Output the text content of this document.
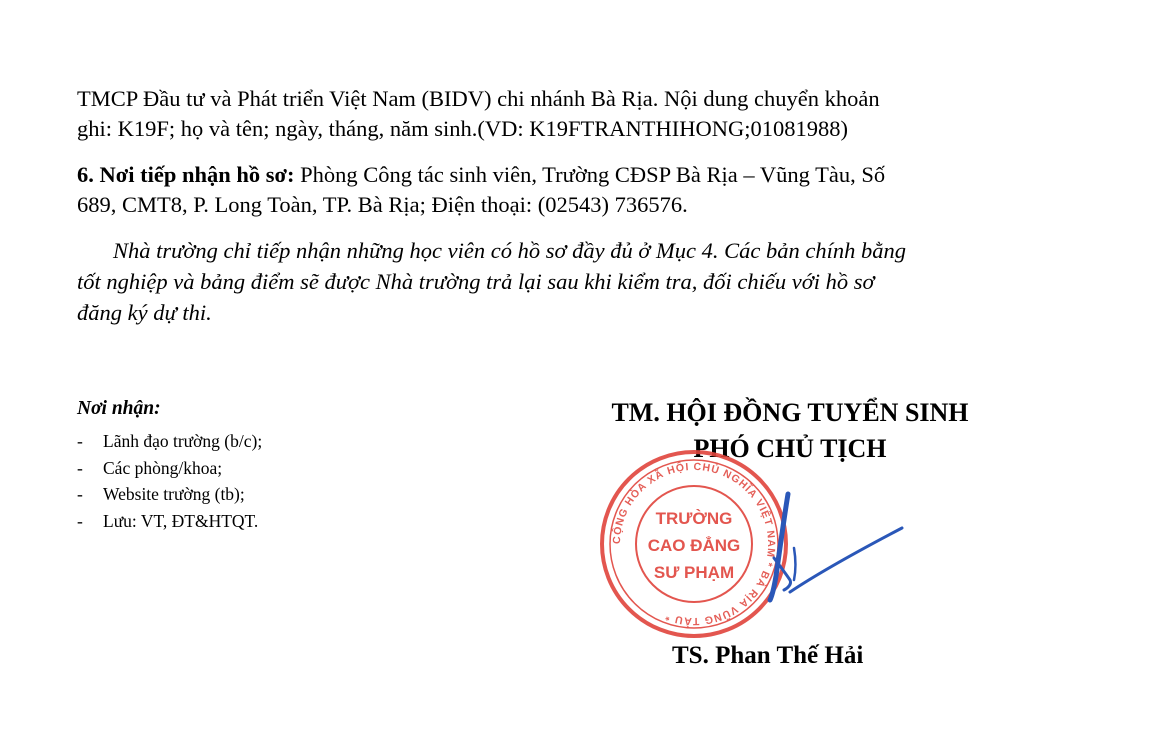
TMCP Đầu tư và Phát triển Việt Nam (BIDV) chi nhánh Bà Rịa. Nội dung chuyển khoản
ghi: K19F; họ và tên; ngày, tháng, năm sinh.(VD: K19FTRANTHIHONG;01081988)
6. Nơi tiếp nhận hồ sơ: Phòng Công tác sinh viên, Trường CĐSP Bà Rịa – Vũng Tàu, Số
689, CMT8, P. Long Toàn, TP. Bà Rịa; Điện thoại: (02543) 736576.
Nhà trường chỉ tiếp nhận những học viên có hồ sơ đầy đủ ở Mục 4. Các bản chính bằng
tốt nghiệp và bảng điểm sẽ được Nhà trường trả lại sau khi kiểm tra, đối chiếu với hồ sơ
đăng ký dự thi.
Nơi nhận:
- Lãnh đạo trường (b/c);
- Các phòng/khoa;
- Website trường (tb);
- Lưu: VT, ĐT&HTQT.
TM. HỘI ĐỒNG TUYỂN SINH
PHÓ CHỦ TỊCH
CỘNG HÒA XÃ HỘI CHỦ NGHĨA VIỆT NAM * BÀ RỊA VŨNG TÀU *
TRƯỜNG
CAO ĐẲNG
SƯ PHẠM
TS. Phan Thế Hải
